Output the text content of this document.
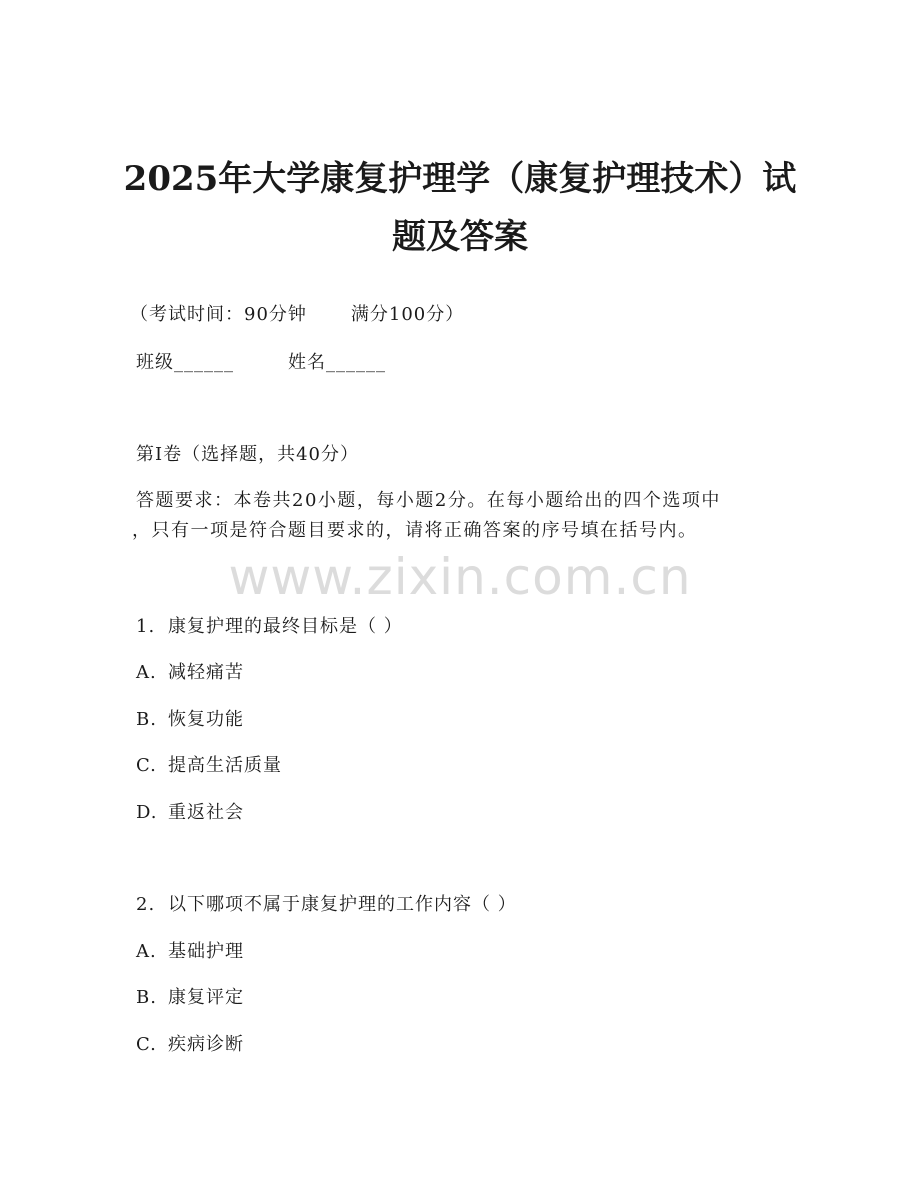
2025年大学康复护理学（康复护理技术）试
题及答案
（考试时间：90分钟 满分100分）
班级______	姓名______
第I卷（选择题，共40分）
答题要求：本卷共20小题，每小题2分。在每小题给出的四个选项中
，只有一项是符合题目要求的，请将正确答案的序号填在括号内。
www.zixin.com.cn
1. 康复护理的最终目标是（ ）
A. 减轻痛苦
B. 恢复功能
C. 提高生活质量
D. 重返社会
2. 以下哪项不属于康复护理的工作内容（ ）
A. 基础护理
B. 康复评定
C. 疾病诊断
